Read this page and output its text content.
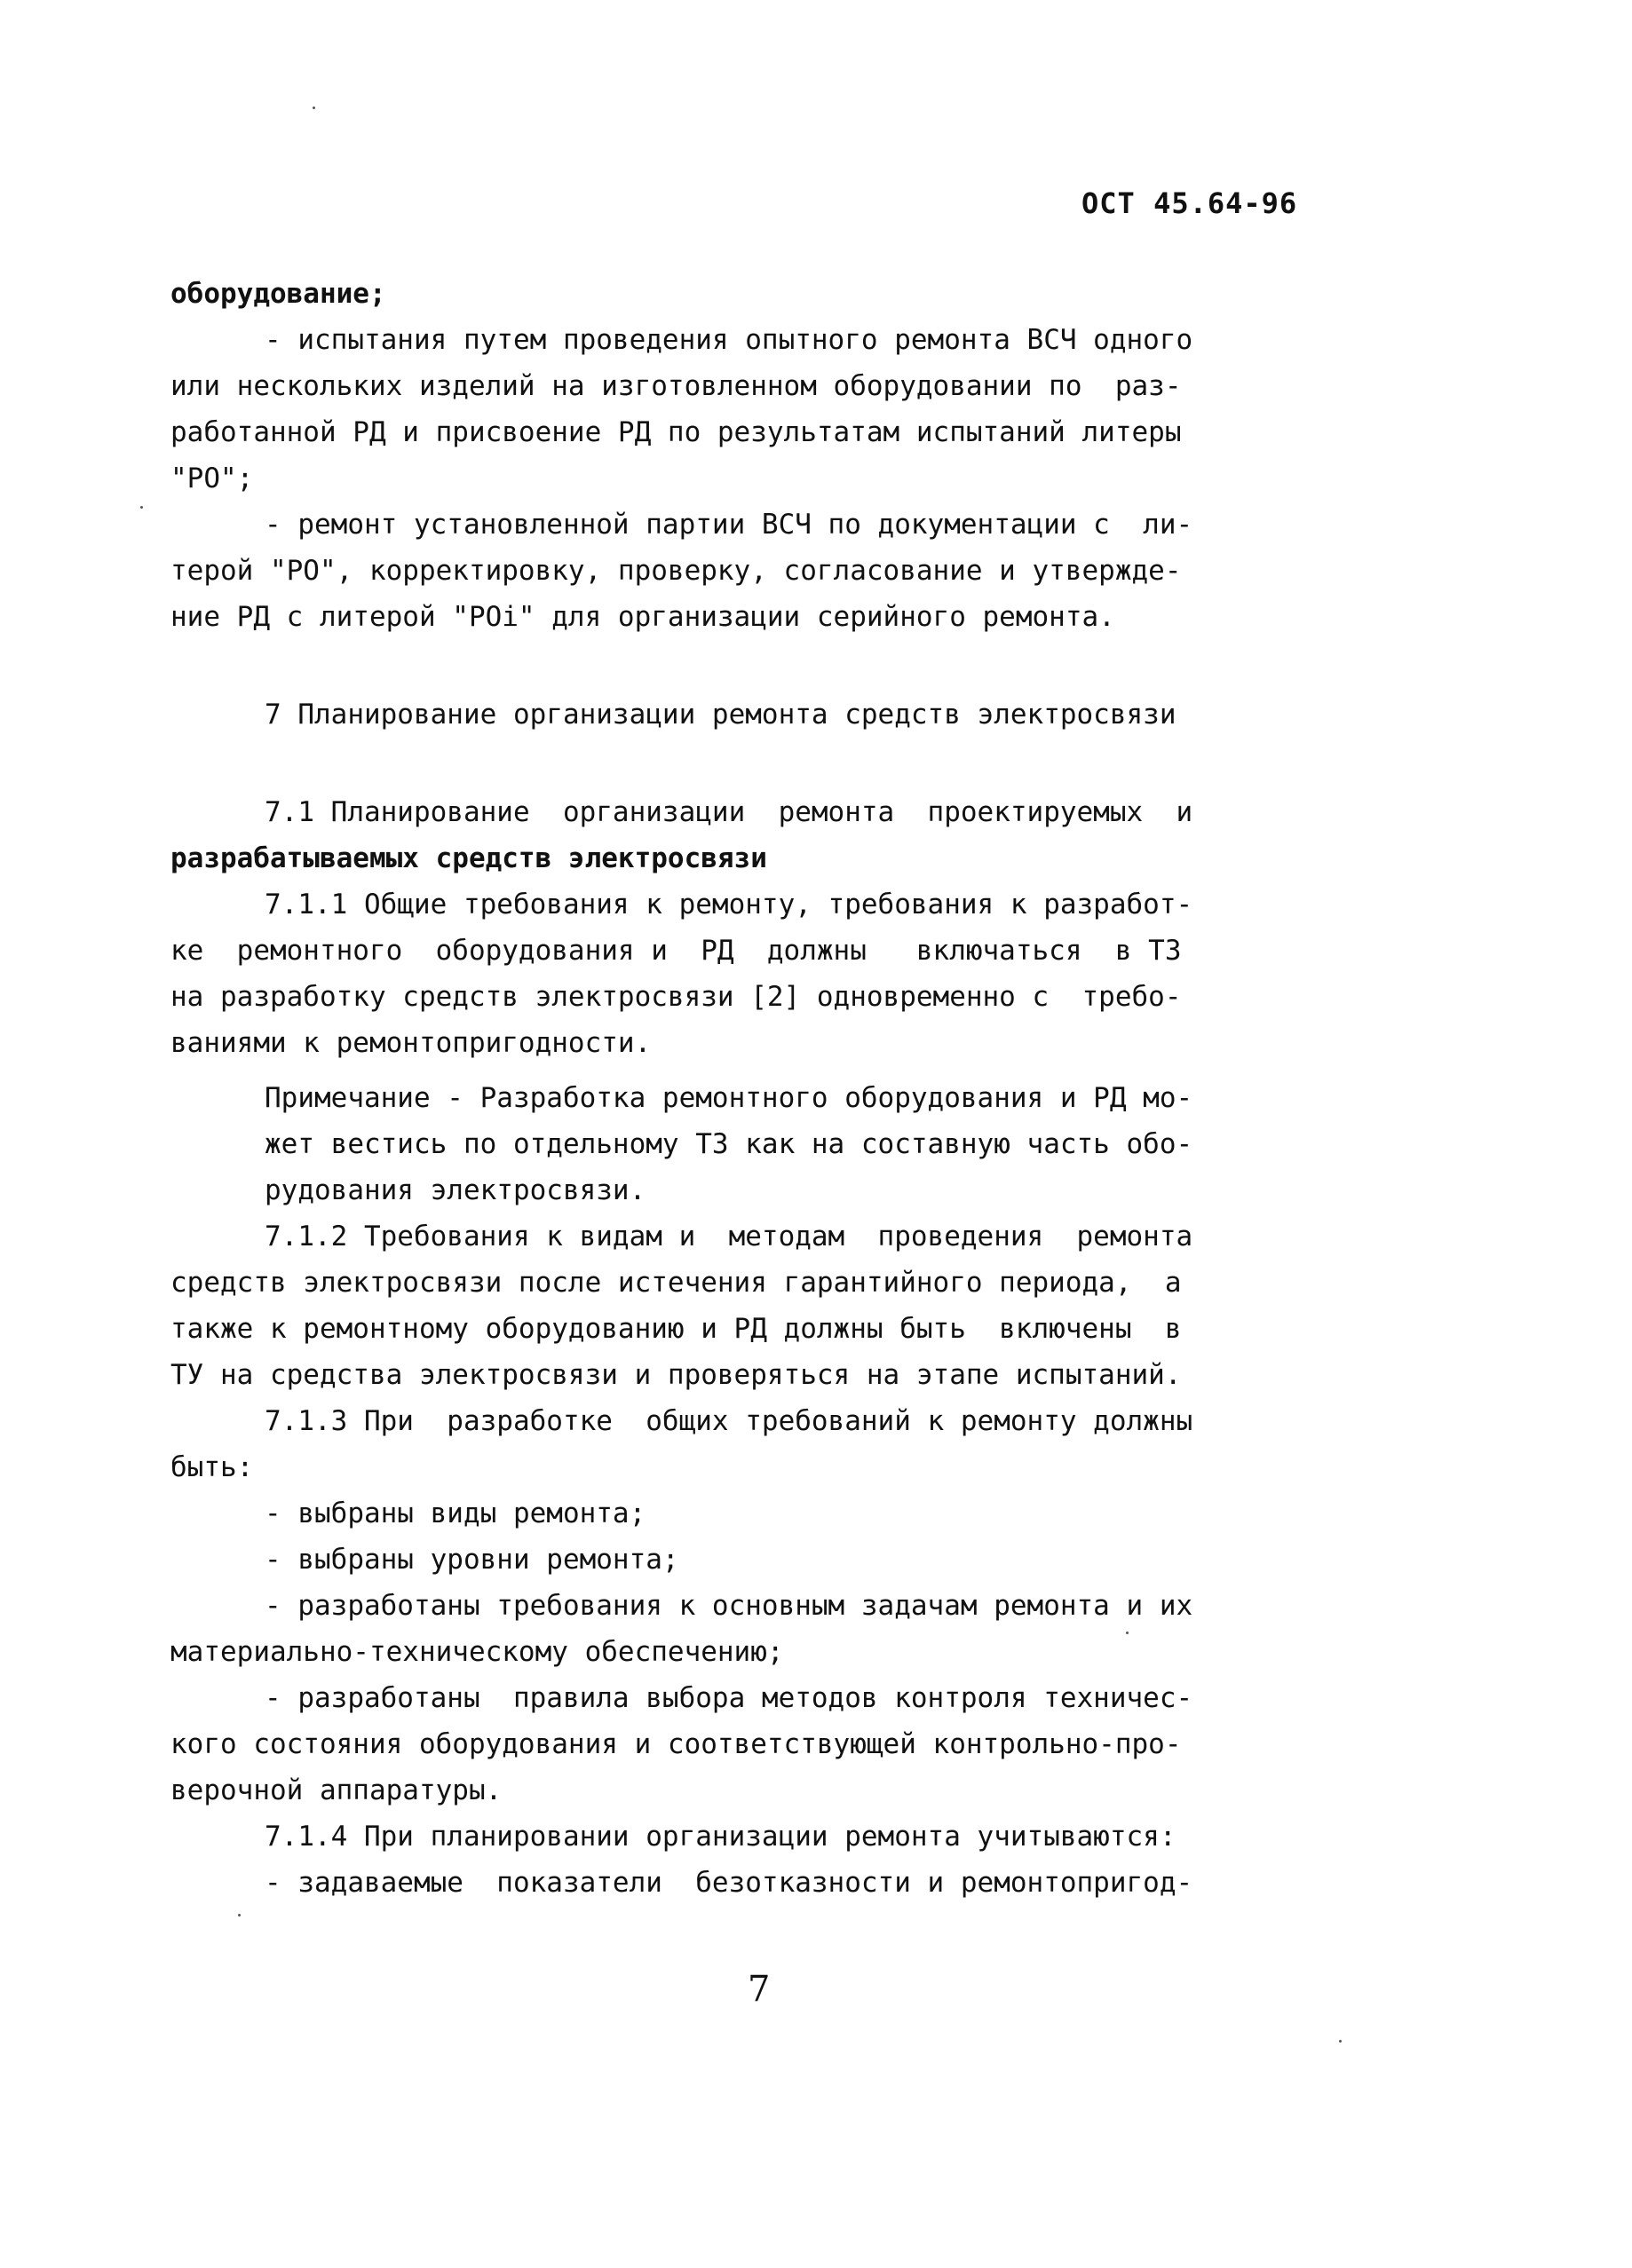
ОСТ 45.64-96
оборудование;
- испытания путем проведения опытного ремонта ВСЧ одного
или нескольких изделий на изготовленном оборудовании по  раз-
работанной РД и присвоение РД по результатам испытаний литеры
"РО";
- ремонт установленной партии ВСЧ по документации с  ли-
терой "РО", корректировку, проверку, согласование и утвержде-
ние РД с литерой "РОi" для организации серийного ремонта.
7 Планирование организации ремонта средств электросвязи
7.1 Планирование  организации  ремонта  проектируемых  и
разрабатываемых средств электросвязи
7.1.1 Общие требования к ремонту, требования к разработ-
ке  ремонтного  оборудования и  РД  должны   включаться  в ТЗ
на разработку средств электросвязи [2] одновременно с  требо-
ваниями к ремонтопригодности.
Примечание - Разработка ремонтного оборудования и РД мо-
жет вестись по отдельному ТЗ как на составную часть обо-
рудования электросвязи.
7.1.2 Требования к видам и  методам  проведения  ремонта
средств электросвязи после истечения гарантийного периода,  а
также к ремонтному оборудованию и РД должны быть  включены  в
ТУ на средства электросвязи и проверяться на этапе испытаний.
7.1.3 При  разработке  общих требований к ремонту должны
быть:
- выбраны виды ремонта;
- выбраны уровни ремонта;
- разработаны требования к основным задачам ремонта и их
материально-техническому обеспечению;
- разработаны  правила выбора методов контроля техничес-
кого состояния оборудования и соответствующей контрольно-про-
верочной аппаратуры.
7.1.4 При планировании организации ремонта учитываются:
- задаваемые  показатели  безотказности и ремонтопригод-
7
